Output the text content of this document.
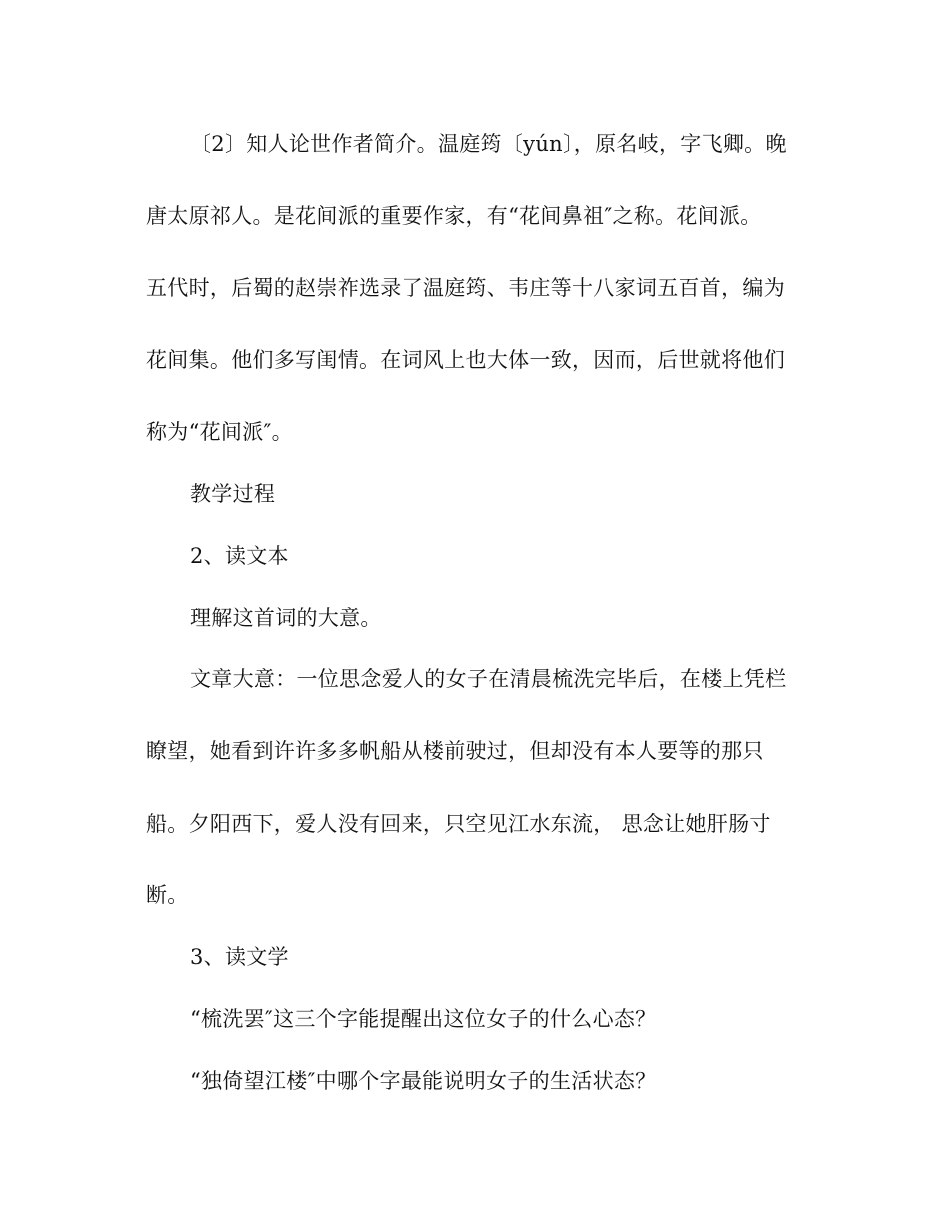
〔2〕知人论世作者简介。温庭筠〔yún〕，原名岐，字飞卿。晚
唐太原祁人。是花间派的重要作家，有“花间鼻祖″之称。花间派。
五代时，后蜀的赵崇祚选录了温庭筠、韦庄等十八家词五百首，编为
花间集。他们多写闺情。在词风上也大体一致，因而，后世就将他们
称为“花间派″。
教学过程
2、读文本
理解这首词的大意。
文章大意：一位思念爱人的女子在清晨梳洗完毕后，在楼上凭栏
瞭望，她看到许许多多帆船从楼前驶过，但却没有本人要等的那只
船。夕阳西下，爱人没有回来，只空见江水东流， 思念让她肝肠寸
断。
3、读文学
“梳洗罢″这三个字能提醒出这位女子的什么心态？
“独倚望江楼″中哪个字最能说明女子的生活状态？
